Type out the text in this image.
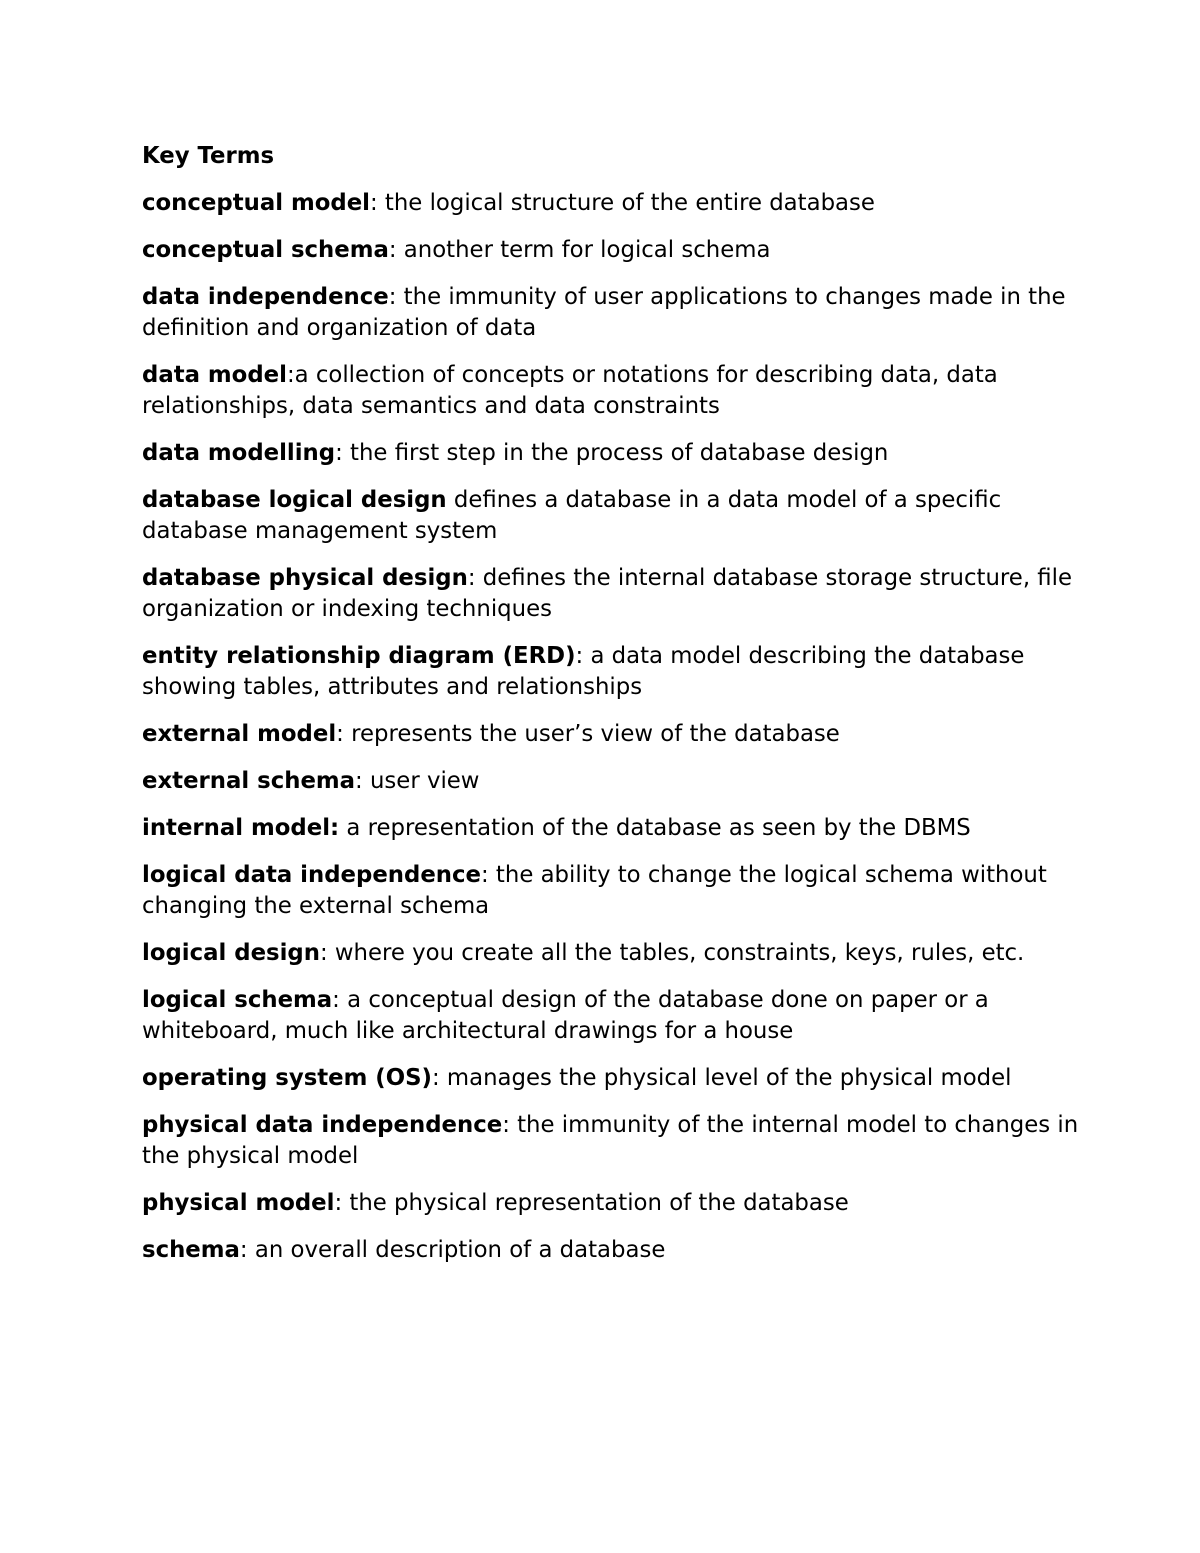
Key Terms
conceptual model: the logical structure of the entire database
conceptual schema: another term for logical schema
data independence: the immunity of user applications to changes made in the definition and organization of data
data model:a collection of concepts or notations for describing data, data relationships, data semantics and data constraints
data modelling: the first step in the process of database design
database logical design defines a database in a data model of a specific database management system
database physical design: defines the internal database storage structure, file organization or indexing techniques
entity relationship diagram (ERD): a data model describing the database showing tables, attributes and relationships
external model: represents the user’s view of the database
external schema: user view
internal model: a representation of the database as seen by the DBMS
logical data independence: the ability to change the logical schema without changing the external schema
logical design: where you create all the tables, constraints, keys, rules, etc.
logical schema: a conceptual design of the database done on paper or a whiteboard, much like architectural drawings for a house
operating system (OS): manages the physical level of the physical model
physical data independence: the immunity of the internal model to changes in the physical model
physical model: the physical representation of the database
schema: an overall description of a database
